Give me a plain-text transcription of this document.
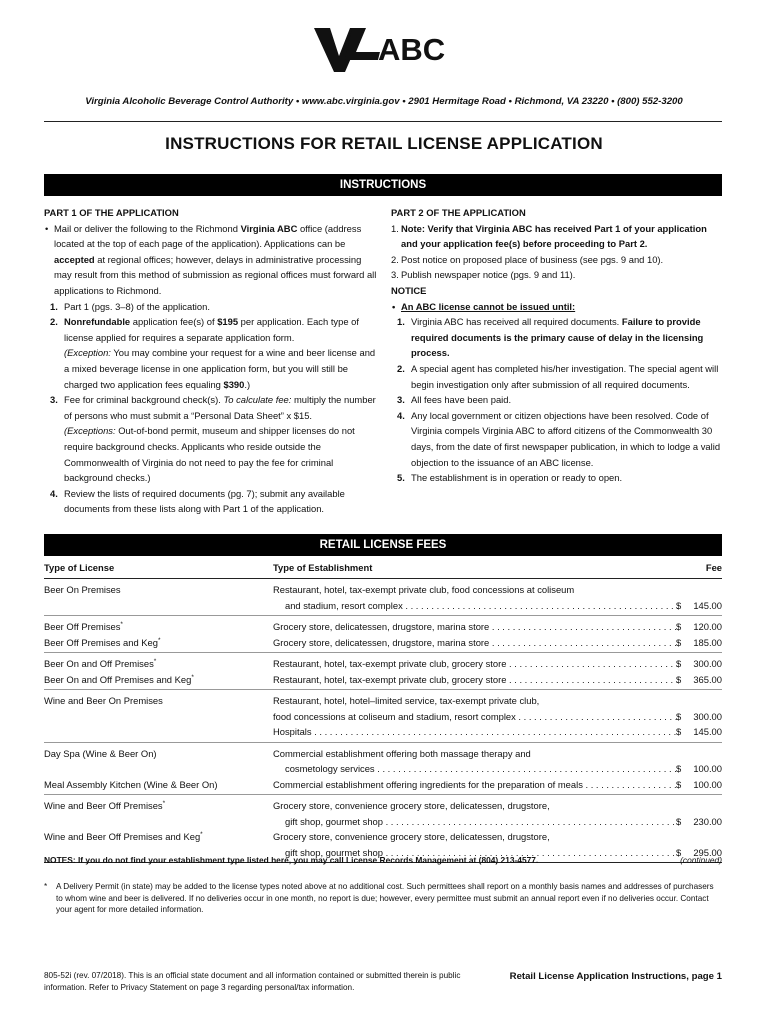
ABC
Virginia Alcoholic Beverage Control Authority • www.abc.virginia.gov • 2901 Hermitage Road • Richmond, VA 23220 • (800) 552-3200
INSTRUCTIONS FOR RETAIL LICENSE APPLICATION
INSTRUCTIONS

PART 1 OF THE APPLICATION

• Mail or deliver the following to the Richmond Virginia ABC office (address located at the top of each page of the application). Applications can be accepted at regional offices; however, delays in administrative processing may result from this method of submission as regional offices must forward all applications to Richmond.

1. Part 1 (pgs. 3–8) of the application.

2. Nonrefundable application fee(s) of $195 per application. Each type of license applied for requires a separate application form.
(Exception: You may combine your request for a wine and beer license and a mixed beverage license in one application form, but you will still be charged two application fees equaling $390.)

3. Fee for criminal background check(s). To calculate fee: multiply the number of persons who must submit a “Personal Data Sheet” x $15.
(Exceptions: Out-of-bond permit, museum and shipper licenses do not require background checks. Applicants who reside outside the Commonwealth of Virginia do not need to pay the fee for criminal background checks.)

4. Review the lists of required documents (pg. 7); submit any available documents from these lists along with Part 1 of the application.

PART 2 OF THE APPLICATION

1. Note: Verify that Virginia ABC has received Part 1 of your application and your application fee(s) before proceeding to Part 2.

2. Post notice on proposed place of business (see pgs. 9 and 10).

3. Publish newspaper notice (pgs. 9 and 11).

NOTICE

• An ABC license cannot be issued until:

1. Virginia ABC has received all required documents. Failure to provide required documents is the primary cause of delay in the licensing process.

2. A special agent has completed his/her investigation. The special agent will begin investigation only after submission of all required documents.

3. All fees have been paid.

4. Any local government or citizen objections have been resolved. Code of Virginia compels Virginia ABC to afford citizens of the Commonwealth 30 days, from the date of first newspaper publication, in which to lodge a valid objection to the issuance of an ABC license.

5. The establishment is in operation or ready to open.

RETAIL LICENSE FEES
Type of License	Type of Establishment	Fee
Beer On Premises	Restaurant, hotel, tax-exempt private club, food concessions at coliseum
and stadium, resort complex . . .	$ 145.00
Beer Off Premises*	Grocery store, delicatessen, drugstore, marina store . . .	$ 120.00
Beer Off Premises and Keg*	Grocery store, delicatessen, drugstore, marina store . . .	$ 185.00
Beer On and Off Premises*	Restaurant, hotel, tax-exempt private club, grocery store . . .	$ 300.00
Beer On and Off Premises and Keg*	Restaurant, hotel, tax-exempt private club, grocery store . . .	$ 365.00
Wine and Beer On Premises	Restaurant, hotel, hotel–limited service, tax-exempt private club,
food concessions at coliseum and stadium, resort complex . . .	$ 300.00
Hospitals . . .	$ 145.00
Day Spa (Wine & Beer On)	Commercial establishment offering both massage therapy and
cosmetology services . . .	$ 100.00
Meal Assembly Kitchen (Wine & Beer On)	Commercial establishment offering ingredients for the preparation of meals . . .	$ 100.00
Wine and Beer Off Premises*	Grocery store, convenience grocery store, delicatessen, drugstore,
gift shop, gourmet shop . . .	$ 230.00
Wine and Beer Off Premises and Keg*	Grocery store, convenience grocery store, delicatessen, drugstore,
gift shop, gourmet shop . . .	$ 295.00
NOTES: If you do not find your establishment type listed here, you may call License Records Management at (804) 213-4577.	(continued)
*	A Delivery Permit (in state) may be added to the license types noted above at no additional cost. Such permittees shall report on a monthly basis names and addresses of purchasers to whom wine and beer is delivered. If no deliveries occur in one month, no report is due; however, every permittee must submit an annual report even if no deliveries occur. Contact your agent for more detailed information.
805-52i (rev. 07/2018). This is an official state document and all information contained or submitted therein is public information. Refer to Privacy Statement on page 3 regarding personal/tax information.
Retail License Application Instructions, page 1
